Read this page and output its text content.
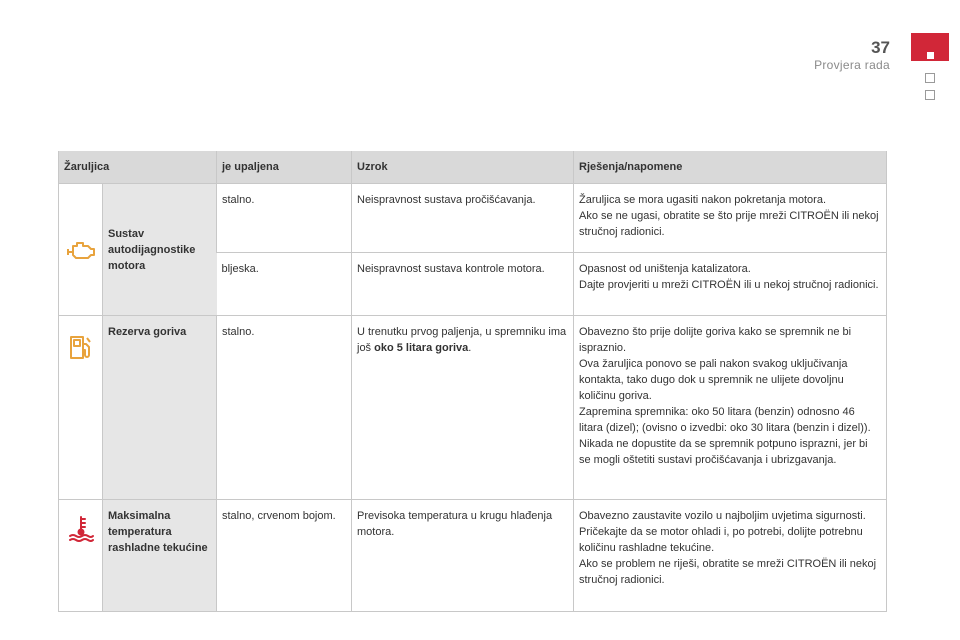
37
Provjera rada
Žaruljica		je upaljena	Uzrok	Rješenja/napomene

	Sustav autodijagnostike motora	stalno.	Neispravnost sustava pročišćavanja.	Žaruljica se mora ugasiti nakon pokretanja motora.
Ako se ne ugasi, obratite se što prije mreži CITROËN ili nekoj stručnoj radionici.
		bljeska.	Neispravnost sustava kontrole motora.	Opasnost od uništenja katalizatora.
Dajte provjeriti u mreži CITROËN ili u nekoj stručnoj radionici.

	Rezerva goriva	stalno.	U trenutku prvog paljenja, u spremniku ima još oko 5 litara goriva.	Obavezno što prije dolijte goriva kako se spremnik ne bi ispraznio.
Ova žaruljica ponovo se pali nakon svakog uključivanja kontakta, tako dugo dok u spremnik ne ulijete dovoljnu količinu goriva.
Zapremina spremnika: oko 50 litara (benzin) odnosno 46 litara (dizel); (ovisno o izvedbi: oko 30 litara (benzin i dizel)).
Nikada ne dopustite da se spremnik potpuno isprazni, jer bi se mogli oštetiti sustavi pročišćavanja i ubrizgavanja.

	Maksimalna temperatura rashladne tekućine	stalno, crvenom bojom.	Previsoka temperatura u krugu hlađenja motora.	Obavezno zaustavite vozilo u najboljim uvjetima sigurnosti.
Pričekajte da se motor ohladi i, po potrebi, dolijte potrebnu količinu rashladne tekućine.
Ako se problem ne riješi, obratite se mreži CITROËN ili nekoj stručnoj radionici.
